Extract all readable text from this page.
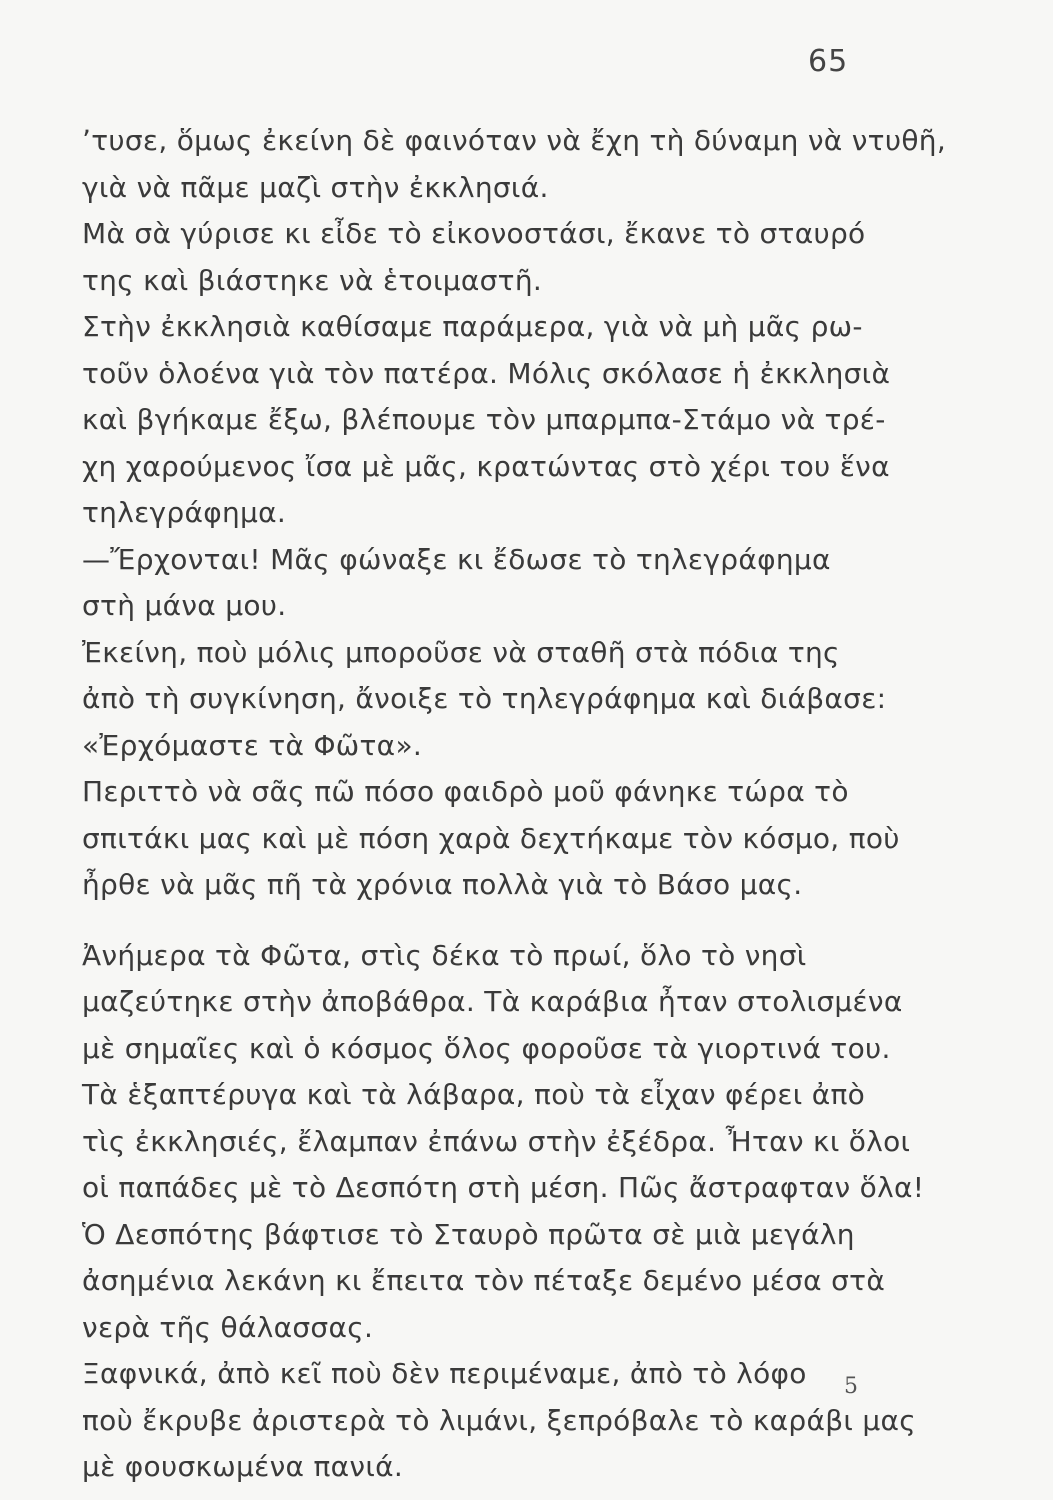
65
ʼτυσε, ὅμως ἐκείνη δὲ φαινόταν νὰ ἔχη τὴ δύναμη νὰ ντυθῆ,
γιὰ νὰ πᾶμε μαζὶ στὴν ἐκκλησιά.
Μὰ σὰ γύρισε κι εἶδε τὸ εἰκονοστάσι, ἔκανε τὸ σταυρό
της καὶ βιάστηκε νὰ ἑτοιμαστῆ.
Στὴν ἐκκλησιὰ καθίσαμε παράμερα, γιὰ νὰ μὴ μᾶς ρω-
τοῦν ὁλοένα γιὰ τὸν πατέρα. Μόλις σκόλασε ἡ ἐκκλησιὰ
καὶ βγήκαμε ἔξω, βλέπουμε τὸν μπαρμπα-Στάμο νὰ τρέ-
χη χαρούμενος ἴσα μὲ μᾶς, κρατώντας στὸ χέρι του ἕνα
τηλεγράφημα.
—Ἔρχονται! Μᾶς φώναξε κι ἔδωσε τὸ τηλεγράφημα
στὴ μάνα μου.
Ἐκείνη, ποὺ μόλις μποροῦσε νὰ σταθῆ στὰ πόδια της
ἀπὸ τὴ συγκίνηση, ἄνοιξε τὸ τηλεγράφημα καὶ διάβασε:
«Ἐρχόμαστε τὰ Φῶτα».
Περιττὸ νὰ σᾶς πῶ πόσο φαιδρὸ μοῦ φάνηκε τώρα τὸ
σπιτάκι μας καὶ μὲ πόση χαρὰ δεχτήκαμε τὸν κόσμο, ποὺ
ἦρθε νὰ μᾶς πῆ τὰ χρόνια πολλὰ γιὰ τὸ Βάσο μας.
Ἀνήμερα τὰ Φῶτα, στὶς δέκα τὸ πρωί, ὅλο τὸ νησὶ
μαζεύτηκε στὴν ἀποβάθρα. Τὰ καράβια ἦταν στολισμένα
μὲ σημαῖες καὶ ὁ κόσμος ὅλος φοροῦσε τὰ γιορτινά του.
Τὰ ἑξαπτέρυγα καὶ τὰ λάβαρα, ποὺ τὰ εἶχαν φέρει ἀπὸ
τὶς ἐκκλησιές, ἔλαμπαν ἐπάνω στὴν ἐξέδρα. Ἦταν κι ὅλοι
οἱ παπάδες μὲ τὸ Δεσπότη στὴ μέση. Πῶς ἄστραφταν ὅλα!
Ὁ Δεσπότης βάφτισε τὸ Σταυρὸ πρῶτα σὲ μιὰ μεγάλη
ἀσημένια λεκάνη κι ἔπειτα τὸν πέταξε δεμένο μέσα στὰ
νερὰ τῆς θάλασσας.
Ξαφνικά, ἀπὸ κεῖ ποὺ δὲν περιμέναμε, ἀπὸ τὸ λόφο
ποὺ ἔκρυβε ἀριστερὰ τὸ λιμάνι, ξεπρόβαλε τὸ καράβι μας
μὲ φουσκωμένα πανιά.
5
